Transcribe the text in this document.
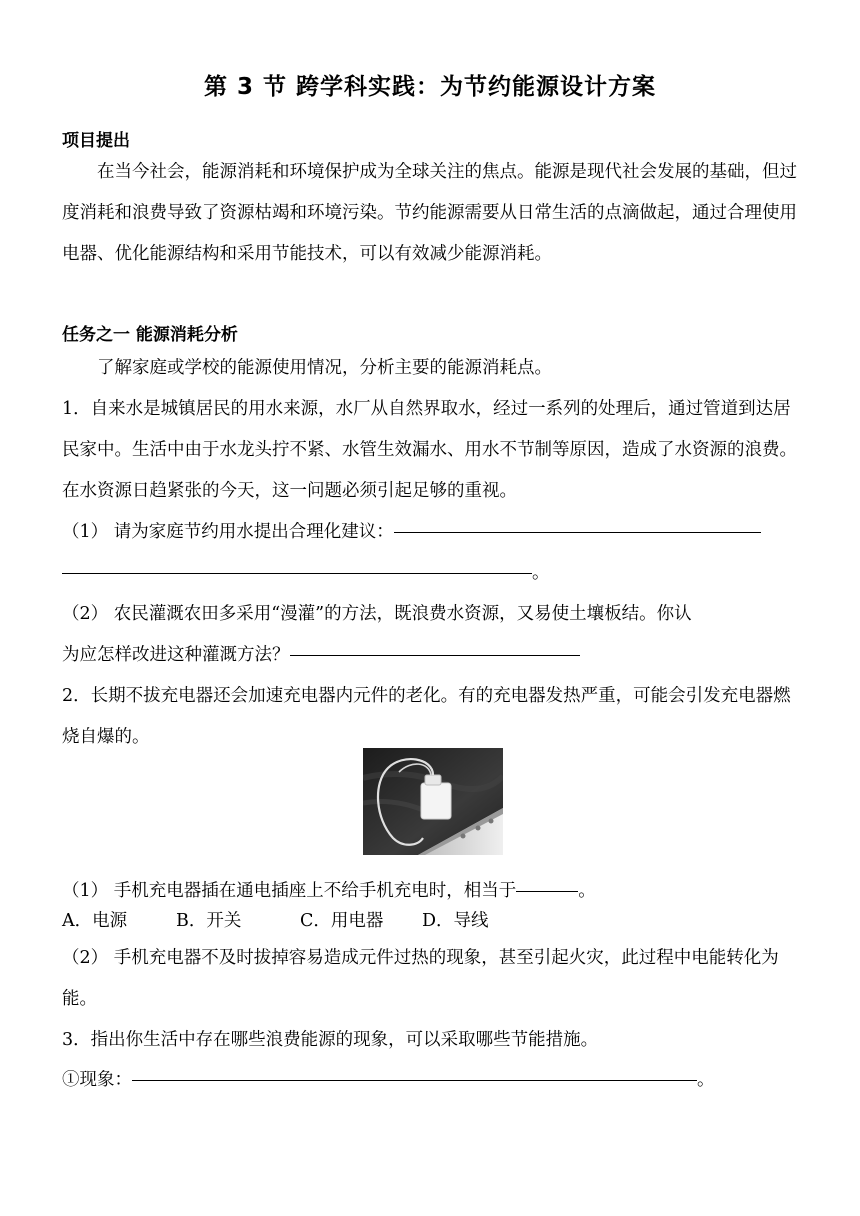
第 3 节 跨学科实践：为节约能源设计方案
项目提出
在当今社会，能源消耗和环境保护成为全球关注的焦点。能源是现代社会发展的基础，但过度消耗和浪费导致了资源枯竭和环境污染。节约能源需要从日常生活的点滴做起，通过合理使用电器、优化能源结构和采用节能技术，可以有效减少能源消耗。
任务之一 能源消耗分析
了解家庭或学校的能源使用情况，分析主要的能源消耗点。
1．自来水是城镇居民的用水来源，水厂从自然界取水，经过一系列的处理后，通过管道到达居民家中。生活中由于水龙头拧不紧、水管生效漏水、用水不节制等原因，造成了水资源的浪费。在水资源日趋紧张的今天，这一问题必须引起足够的重视。
（1） 请为家庭节约用水提出合理化建议：
。
（2） 农民灌溉农田多采用“漫灌”的方法，既浪费水资源，又易使土壤板结。你认
为应怎样改进这种灌溉方法？
2．长期不拔充电器还会加速充电器内元件的老化。有的充电器发热严重，可能会引发充电器燃烧自爆的。
（1） 手机充电器插在通电插座上不给手机充电时，相当于	。
A．电源	B．开关	C．用电器 D．导线
（2） 手机充电器不及时拔掉容易造成元件过热的现象，甚至引起火灾，此过程中电能转化为能。
3．指出你生活中存在哪些浪费能源的现象，可以采取哪些节能措施。
①现象：	。
